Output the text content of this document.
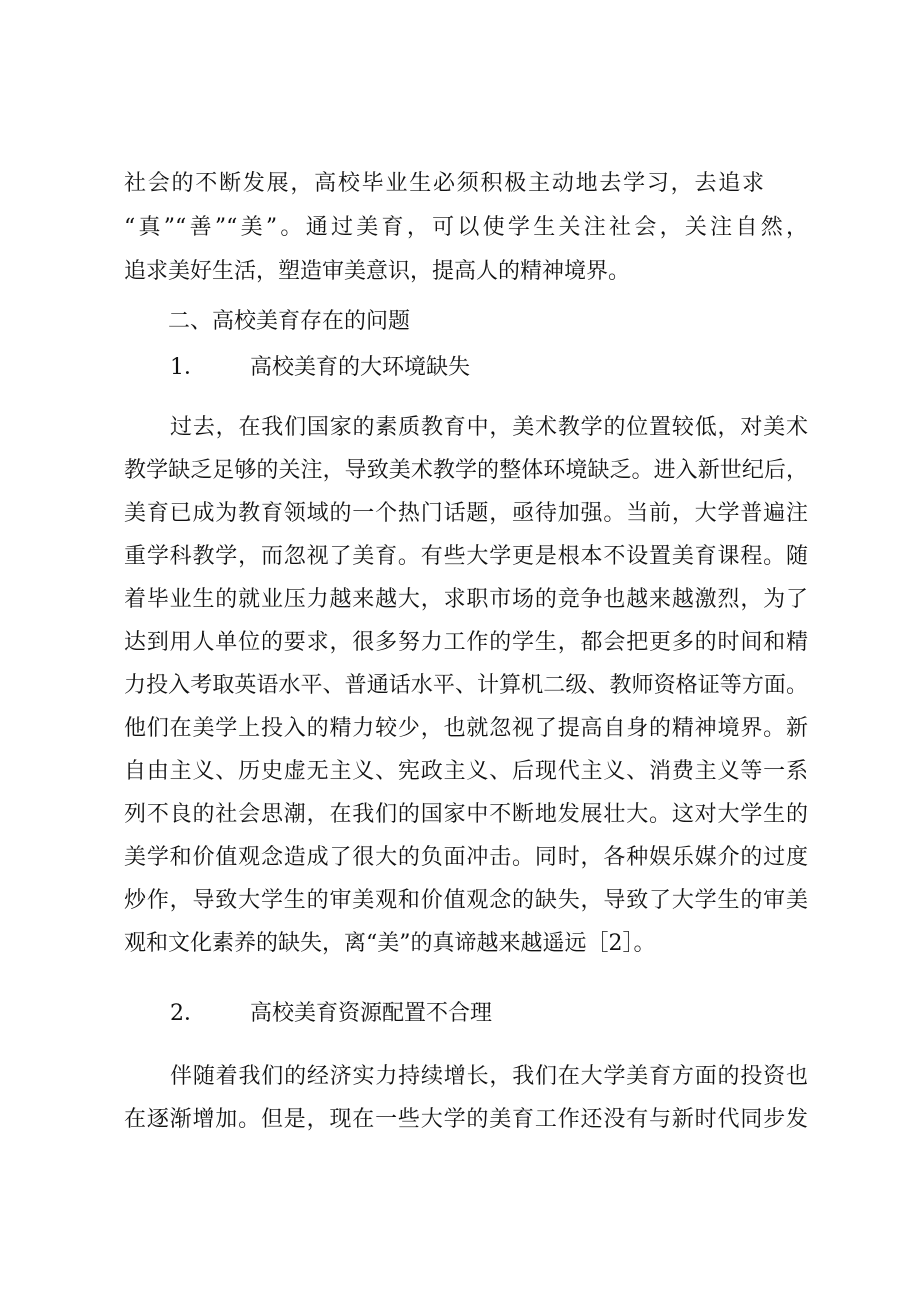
社会的不断发展，高校毕业生必须积极主动地去学习，去追求
“真”“善”“美”。通过美育，可以使学生关注社会，关注自然，
追求美好生活，塑造审美意识，提高人的精神境界。
二、高校美育存在的问题
1． 高校美育的大环境缺失
过去，在我们国家的素质教育中，美术教学的位置较低，对美术
教学缺乏足够的关注，导致美术教学的整体环境缺乏。进入新世纪后，
美育已成为教育领域的一个热门话题，亟待加强。当前，大学普遍注
重学科教学，而忽视了美育。有些大学更是根本不设置美育课程。随
着毕业生的就业压力越来越大，求职市场的竞争也越来越激烈，为了
达到用人单位的要求，很多努力工作的学生，都会把更多的时间和精
力投入考取英语水平、普通话水平、计算机二级、教师资格证等方面。
他们在美学上投入的精力较少，也就忽视了提高自身的精神境界。新
自由主义、历史虚无主义、宪政主义、后现代主义、消费主义等一系
列不良的社会思潮，在我们的国家中不断地发展壮大。这对大学生的
美学和价值观念造成了很大的负面冲击。同时，各种娱乐媒介的过度
炒作，导致大学生的审美观和价值观念的缺失，导致了大学生的审美
观和文化素养的缺失，离“美”的真谛越来越遥远［2］。
2． 高校美育资源配置不合理
伴随着我们的经济实力持续增长，我们在大学美育方面的投资也
在逐渐增加。但是，现在一些大学的美育工作还没有与新时代同步发
